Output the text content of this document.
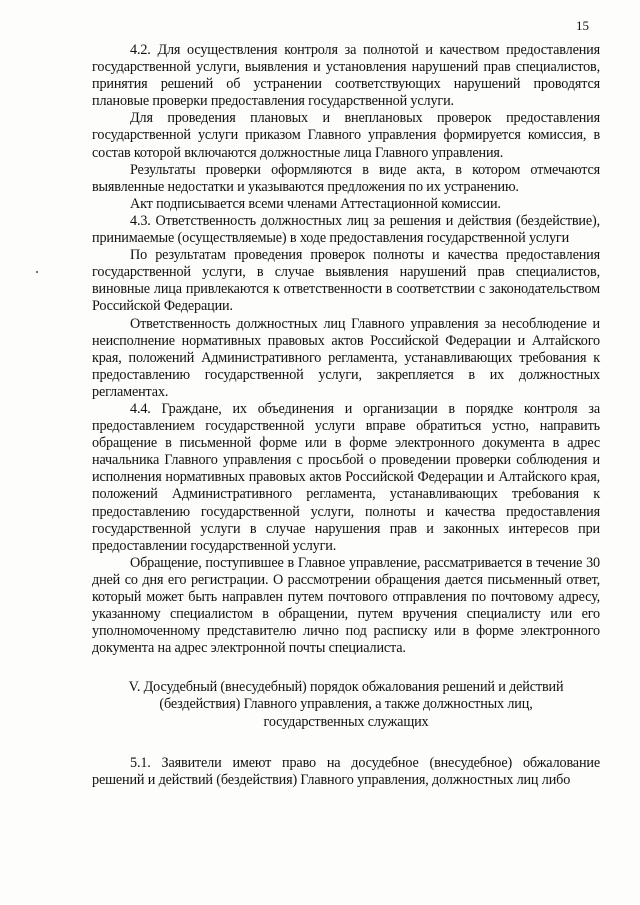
15

4.2. Для осуществления контроля за полнотой и качеством предоставления государственной услуги, выявления и установления нарушений прав специалистов, принятия решений об устранении соответствующих нарушений проводятся плановые проверки предоставления государственной услуги.

Для проведения плановых и внеплановых проверок предоставления государственной услуги приказом Главного управления формируется комиссия, в состав которой включаются должностные лица Главного управления.

Результаты проверки оформляются в виде акта, в котором отмечаются выявленные недостатки и указываются предложения по их устранению.

Акт подписывается всеми членами Аттестационной комиссии.

4.3. Ответственность должностных лиц за решения и действия (бездействие), принимаемые (осуществляемые) в ходе предоставления государственной услуги

По результатам проведения проверок полноты и качества предоставления государственной услуги, в случае выявления нарушений прав специалистов, виновные лица привлекаются к ответственности в соответствии с законодательством Российской Федерации.

Ответственность должностных лиц Главного управления за несоблюдение и неисполнение нормативных правовых актов Российской Федерации и Алтайского края, положений Административного регламента, устанавливающих требования к предоставлению государственной услуги, закрепляется в их должностных регламентах.

4.4. Граждане, их объединения и организации в порядке контроля за предоставлением государственной услуги вправе обратиться устно, направить обращение в письменной форме или в форме электронного документа в адрес начальника Главного управления с просьбой о проведении проверки соблюдения и исполнения нормативных правовых актов Российской Федерации и Алтайского края, положений Административного регламента, устанавливающих требования к предоставлению государственной услуги, полноты и качества предоставления государственной услуги в случае нарушения прав и законных интересов при предоставлении государственной услуги.

Обращение, поступившее в Главное управление, рассматривается в течение 30 дней со дня его регистрации. О рассмотрении обращения дается письменный ответ, который может быть направлен путем почтового отправления по почтовому адресу, указанному специалистом в обращении, путем вручения специалисту или его уполномоченному представителю лично под расписку или в форме электронного документа на адрес электронной почты специалиста.

V. Досудебный (внесудебный) порядок обжалования решений и действий (бездействия) Главного управления, а также должностных лиц, государственных служащих

5.1. Заявители имеют право на досудебное (внесудебное) обжалование решений и действий (бездействия) Главного управления, должностных лиц либо
